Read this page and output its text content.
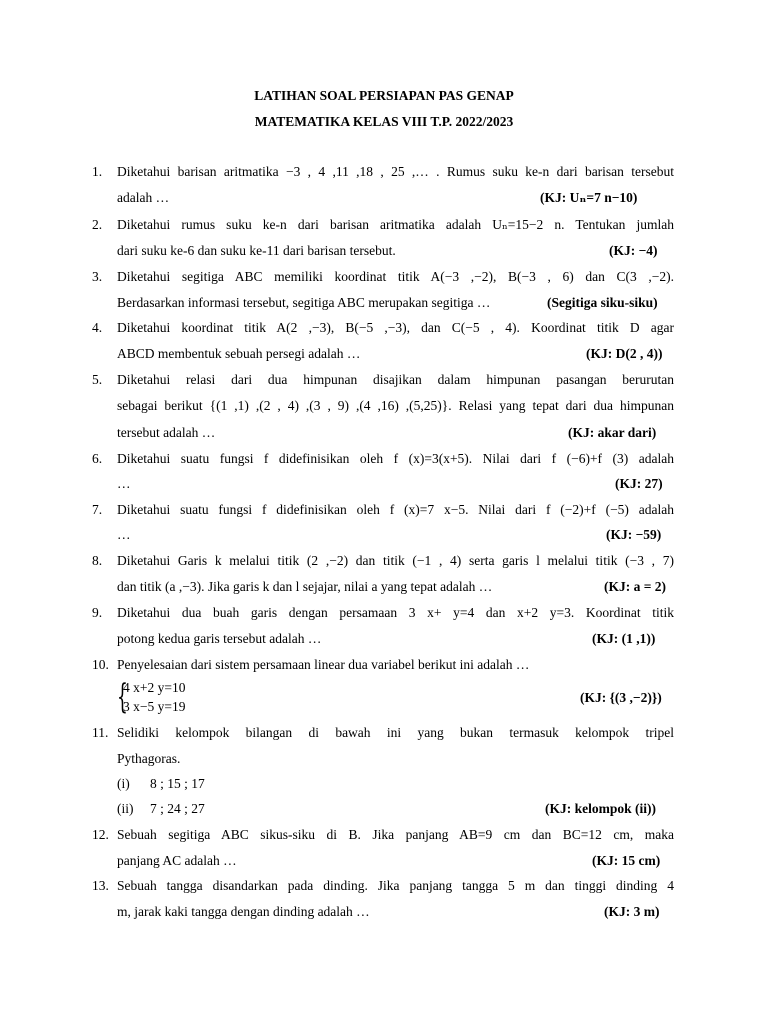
LATIHAN SOAL PERSIAPAN PAS GENAP
MATEMATIKA KELAS VIII T.P. 2022/2023
1. Diketahui barisan aritmatika −3 , 4 ,11 ,18 , 25 ,… . Rumus suku ke-n dari barisan tersebut
adalah …	(KJ: Uₙ=7 n−10)
2. Diketahui rumus suku ke-n dari barisan aritmatika adalah Uₙ=15−2 n. Tentukan jumlah
dari suku ke-6 dan suku ke-11 dari barisan tersebut.	(KJ: −4)
3. Diketahui segitiga ABC memiliki koordinat titik A(−3 ,−2), B(−3 , 6) dan C(3 ,−2).
Berdasarkan informasi tersebut, segitiga ABC merupakan segitiga …	(Segitiga siku-siku)
4. Diketahui koordinat titik A(2 ,−3), B(−5 ,−3), dan C(−5 , 4). Koordinat titik D agar
ABCD membentuk sebuah persegi adalah …	(KJ: D(2 , 4))
5. Diketahui relasi dari dua himpunan disajikan dalam himpunan pasangan berurutan
sebagai berikut {(1 ,1) ,(2 , 4) ,(3 , 9) ,(4 ,16) ,(5,25)}. Relasi yang tepat dari dua himpunan
tersebut adalah …	(KJ: akar dari)
6. Diketahui suatu fungsi f didefinisikan oleh f (x)=3(x+5). Nilai dari f (−6)+f (3) adalah
…	(KJ: 27)
7. Diketahui suatu fungsi f didefinisikan oleh f (x)=7 x−5. Nilai dari f (−2)+f (−5) adalah
…	(KJ: −59)
8. Diketahui Garis k melalui titik (2 ,−2) dan titik (−1 , 4) serta garis l melalui titik (−3 , 7)
dan titik (a ,−3). Jika garis k dan l sejajar, nilai a yang tepat adalah …	(KJ: a = 2)
9. Diketahui dua buah garis dengan persamaan 3 x+ y=4 dan x+2 y=3. Koordinat titik
potong kedua garis tersebut adalah …	(KJ: (1 ,1))
10. Penyelesaian dari sistem persamaan linear dua variabel berikut ini adalah …
{
4 x+2 y=10
3 x−5 y=19
(KJ: {(3 ,−2)})
11. Selidiki kelompok bilangan di bawah ini yang bukan termasuk kelompok tripel
Pythagoras.
(i) 8 ; 15 ; 17
(ii) 7 ; 24 ; 27	(KJ: kelompok (ii))
12. Sebuah segitiga ABC sikus-siku di B. Jika panjang AB=9 cm dan BC=12 cm, maka
panjang AC adalah …	(KJ: 15 cm)
13. Sebuah tangga disandarkan pada dinding. Jika panjang tangga 5 m dan tinggi dinding 4
m, jarak kaki tangga dengan dinding adalah …	(KJ: 3 m)
